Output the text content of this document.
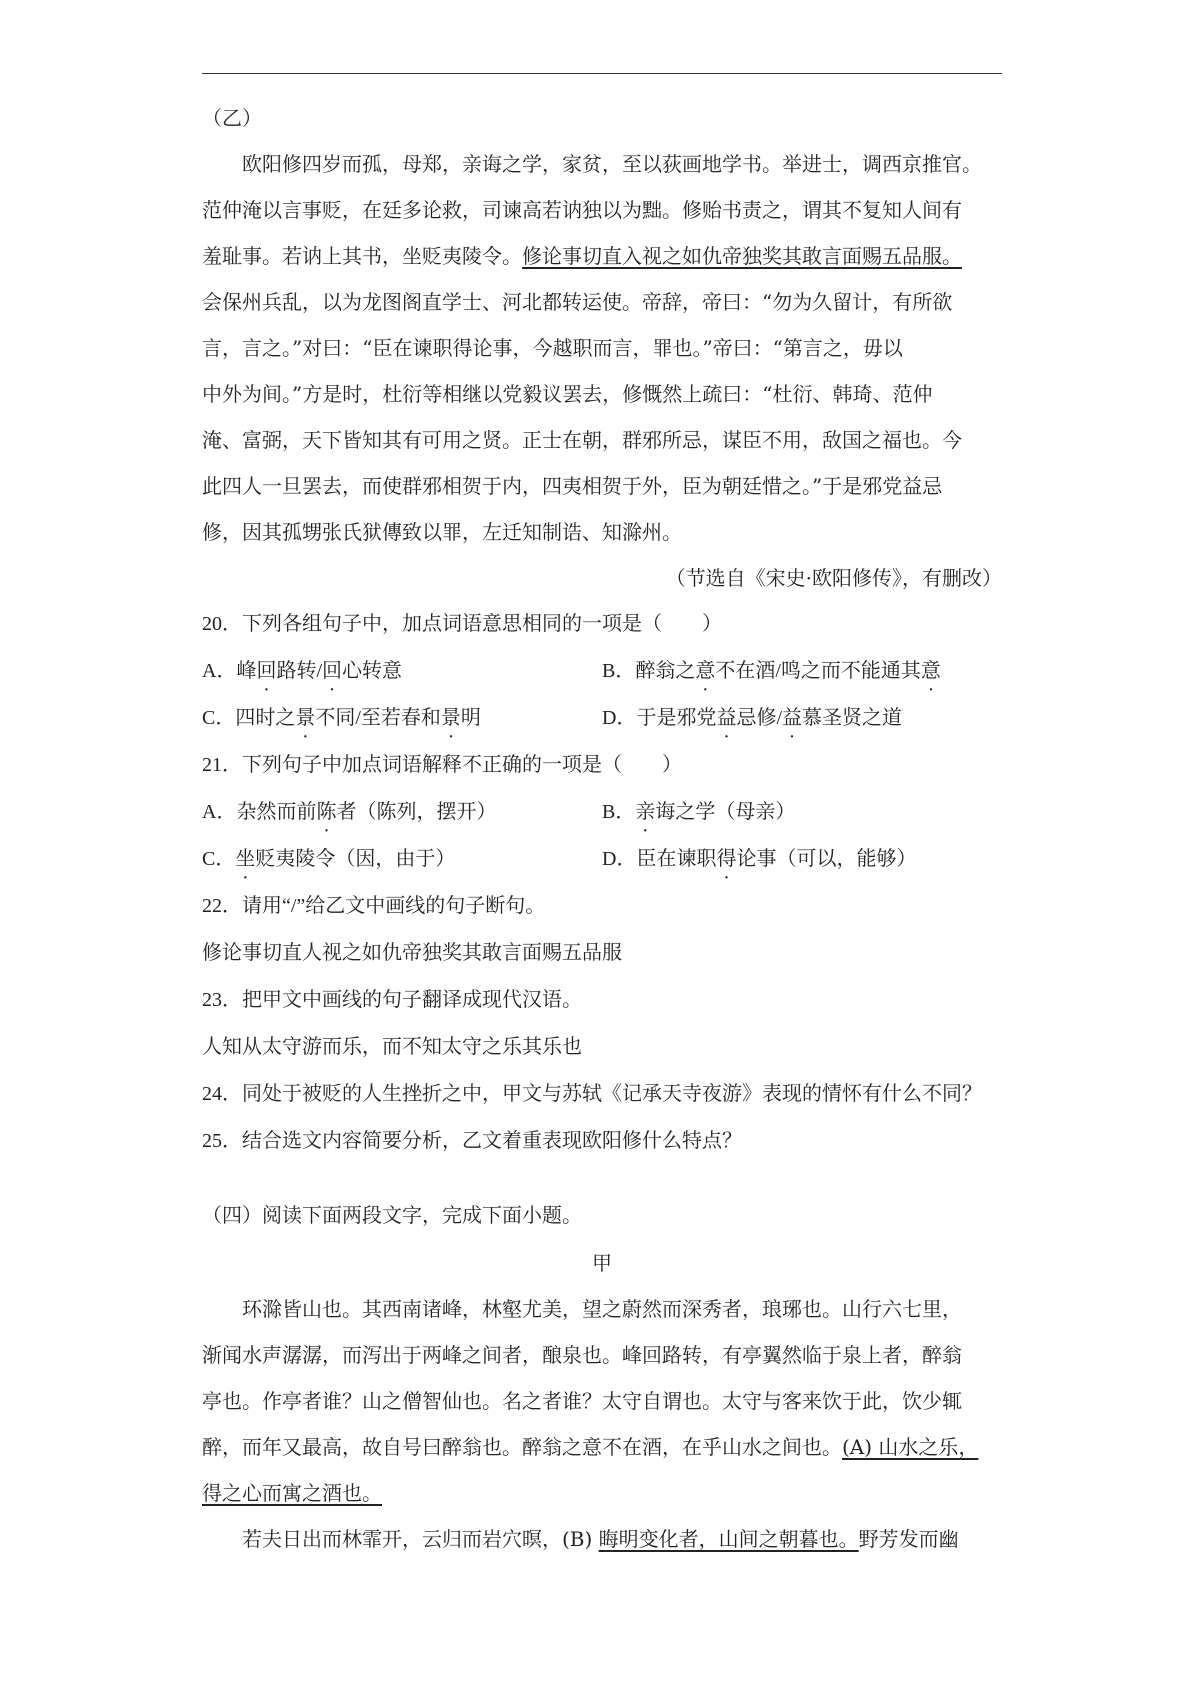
（乙）
欧阳修四岁而孤，母郑，亲诲之学，家贫，至以荻画地学书。举进士，调西京推官。
范仲淹以言事贬，在廷多论救，司谏高若讷独以为黜。修贻书责之，谓其不复知人间有
羞耻事。若讷上其书，坐贬夷陵令。修论事切直入视之如仇帝独奖其敢言面赐五品服。
会保州兵乱，以为龙图阁直学士、河北都转运使。帝辞，帝曰：“勿为久留计，有所欲
言，言之。”对曰：“臣在谏职得论事，今越职而言，罪也。”帝曰：“第言之，毋以
中外为间。”方是时，杜衍等相继以党毅议罢去，修慨然上疏曰：“杜衍、韩琦、范仲
淹、富弼，天下皆知其有可用之贤。正士在朝，群邪所忌，谋臣不用，敌国之福也。今
此四人一旦罢去，而使群邪相贺于内，四夷相贺于外，臣为朝廷惜之。”于是邪党益忌
修，因其孤甥张氏狱傳致以罪，左迁知制诰、知滁州。
（节选自《宋史·欧阳修传》，有删改）
20．下列各组句子中，加点词语意思相同的一项是（　　）
A．峰回路转/回心转意	B．醉翁之意不在酒/鸣之而不能通其意
C．四时之景不同/至若春和景明	D．于是邪党益忌修/益慕圣贤之道
21．下列句子中加点词语解释不正确的一项是（　　）
A．杂然而前陈者（陈列，摆开）	B．亲诲之学（母亲）
C．坐贬夷陵令（因，由于）	D．臣在谏职得论事（可以，能够）
22．请用“/”给乙文中画线的句子断句。
修论事切直人视之如仇帝独奖其敢言面赐五品服
23．把甲文中画线的句子翻译成现代汉语。
人知从太守游而乐，而不知太守之乐其乐也
24．同处于被贬的人生挫折之中，甲文与苏轼《记承天寺夜游》表现的情怀有什么不同？
25．结合选文内容简要分析，乙文着重表现欧阳修什么特点？
（四）阅读下面两段文字，完成下面小题。
甲
环滁皆山也。其西南诸峰，林壑尤美，望之蔚然而深秀者，琅琊也。山行六七里，
渐闻水声潺潺，而泻出于两峰之间者，酿泉也。峰回路转，有亭翼然临于泉上者，醉翁
亭也。作亭者谁？山之僧智仙也。名之者谁？太守自谓也。太守与客来饮于此，饮少辄
醉，而年又最高，故自号曰醉翁也。醉翁之意不在酒，在乎山水之间也。(A) 山水之乐，
得之心而寓之酒也。
若夫日出而林霏开，云归而岩穴暝，(B) 晦明变化者，山间之朝暮也。野芳发而幽
